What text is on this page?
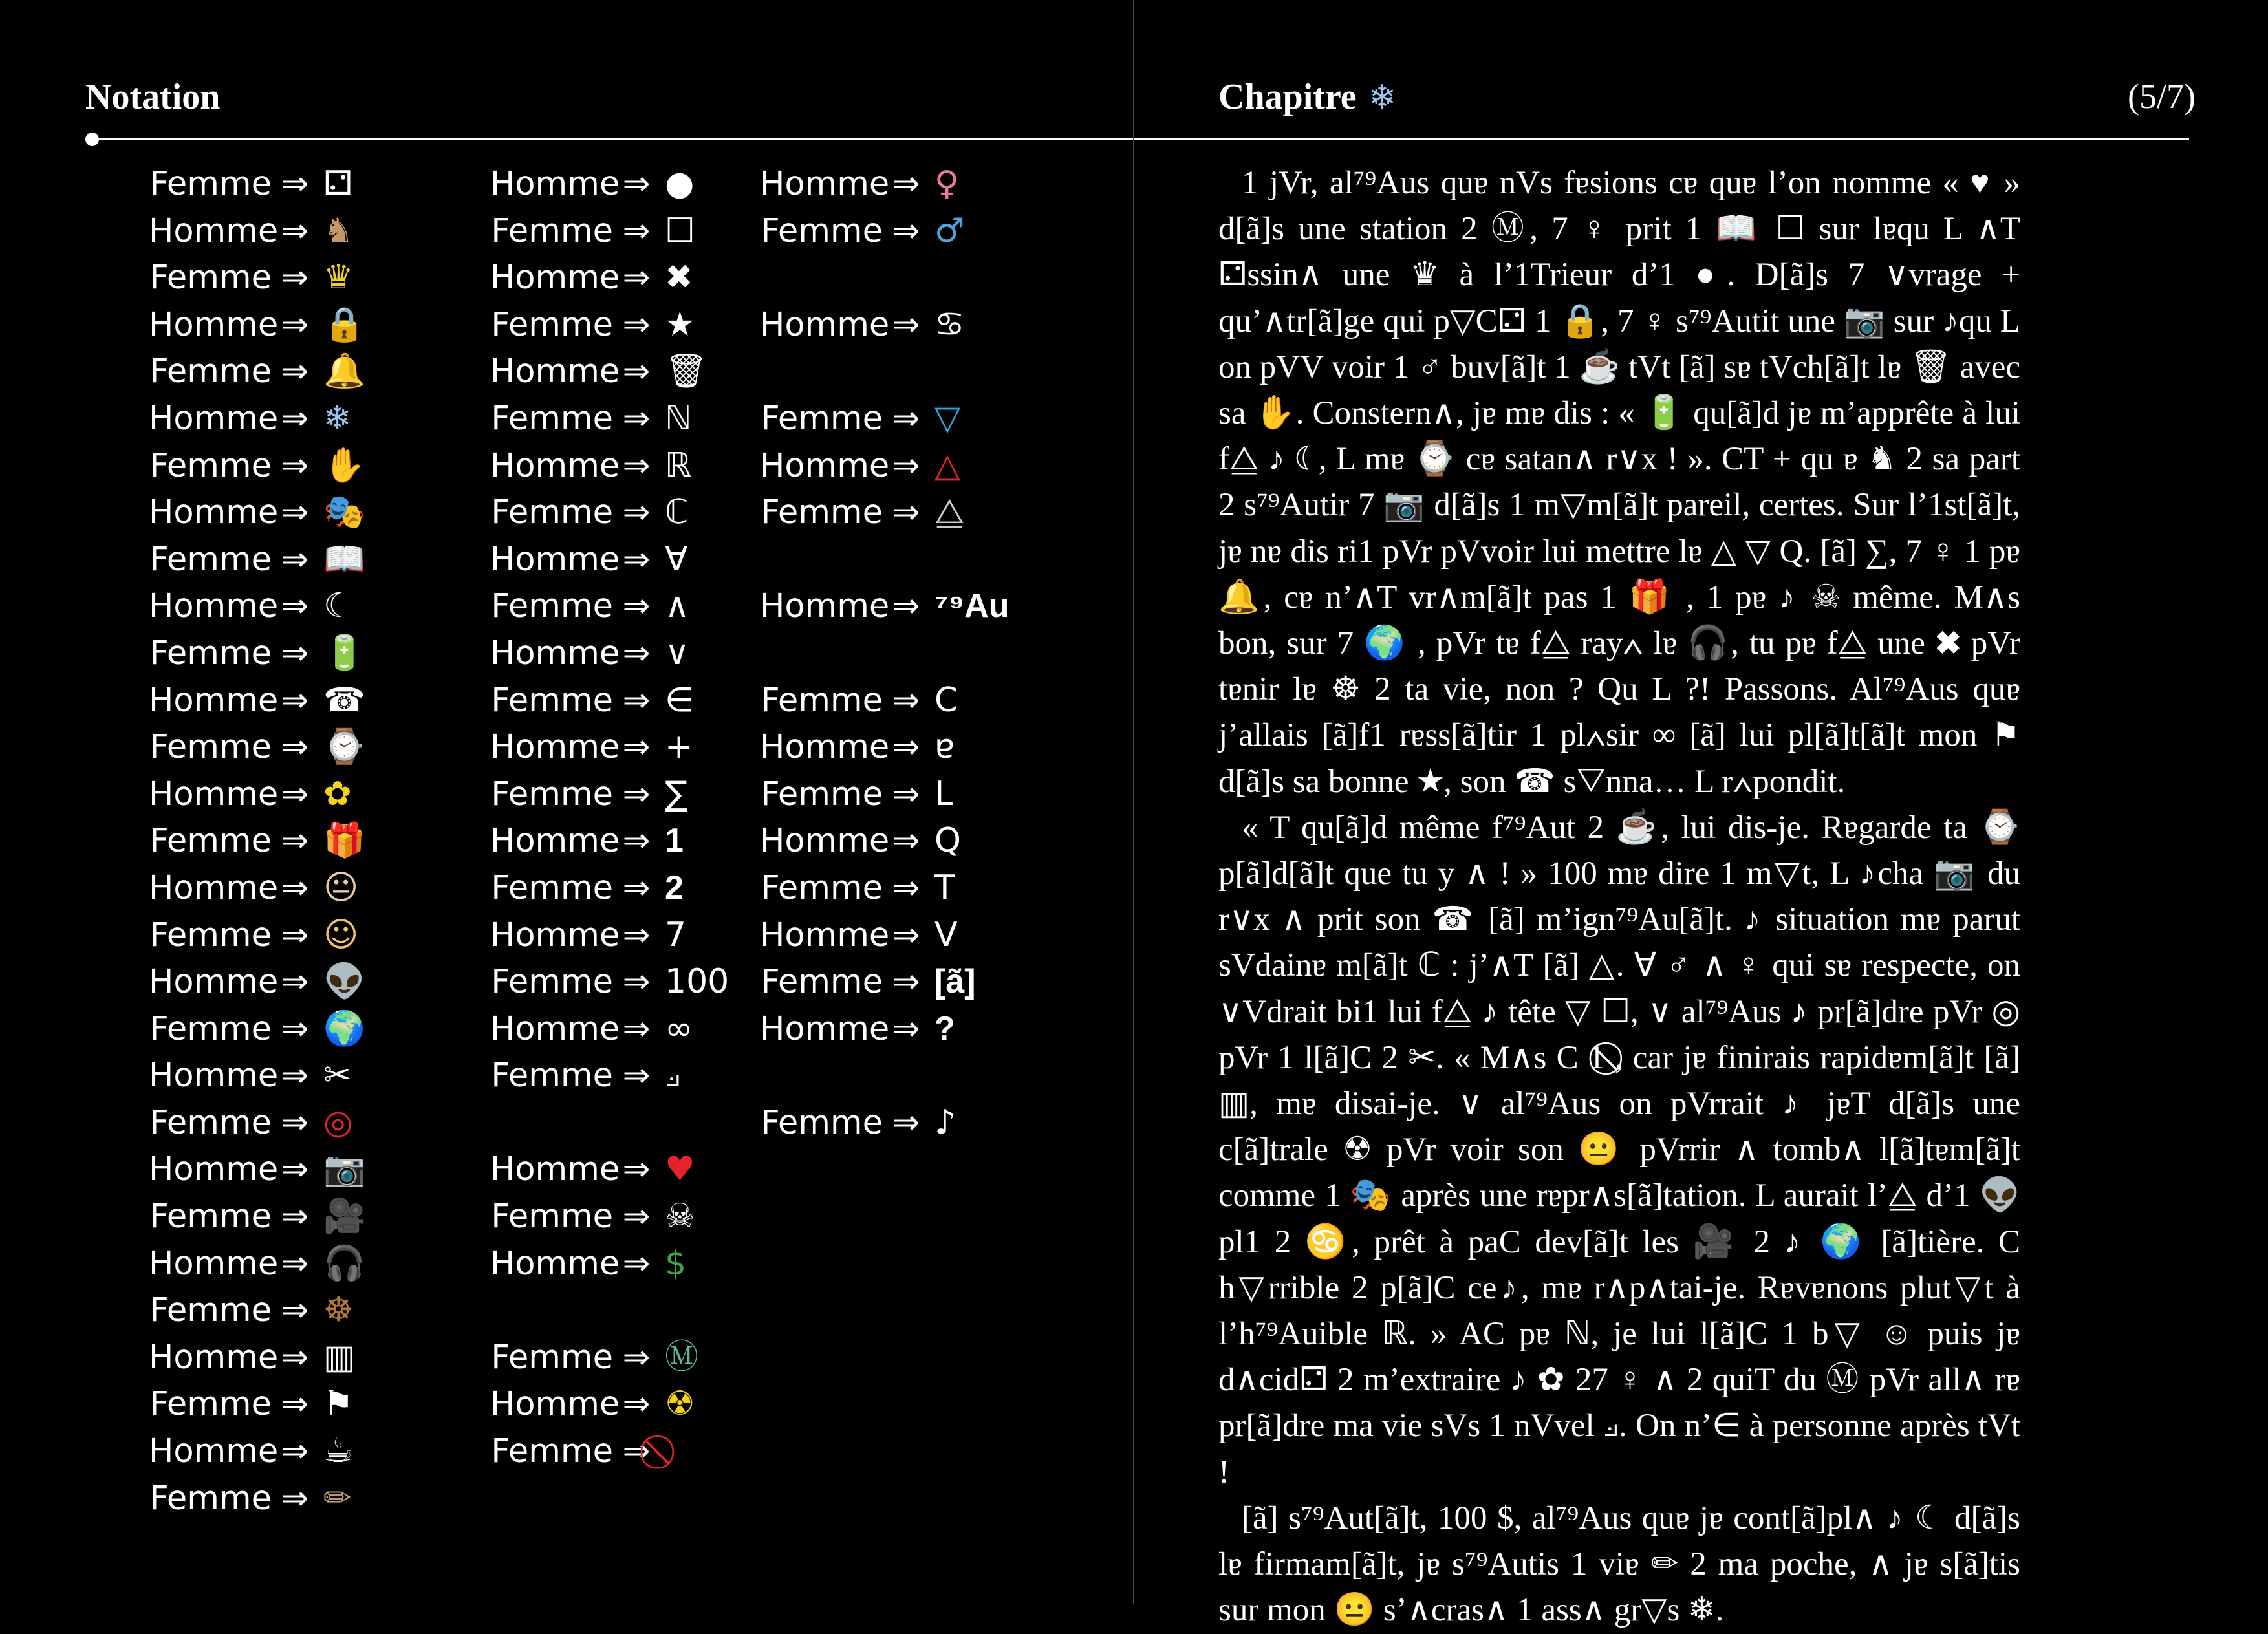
Notation
Femme ⇒ ⚁
Homme⇒ ♞
Femme ⇒ ♛
Homme⇒ 🔒
Femme ⇒ 🔔
Homme⇒ ❄
Femme ⇒ ✋
Homme⇒ 🎭
Femme ⇒ 📖
Homme⇒ ☾
Femme ⇒ 🔋
Homme⇒ ☎
Femme ⇒ ⌚
Homme⇒ ✿
Femme ⇒ 🎁
Homme⇒ 😐
Femme ⇒ ☺
Homme⇒ 👽
Femme ⇒ 🌍
Homme⇒ ✂
Femme ⇒ ◎
Homme⇒ 📷
Femme ⇒ 🎥
Homme⇒ 🎧
Femme ⇒ ☸
Homme⇒ ▥
Femme ⇒ ⚑
Homme⇒ ☕
Femme ⇒ ✏
Homme⇒ ●
Femme ⇒ ☐
Homme⇒ ✖
Femme ⇒ ★
Homme⇒ 🗑
Femme ⇒ ℕ
Homme⇒ ℝ
Femme ⇒ ℂ
Homme⇒ ∀
Femme ⇒ ∧
Homme⇒ ∨
Femme ⇒ ∈
Homme⇒ +
Femme ⇒ ∑
Homme⇒ 1
Femme ⇒ 2
Homme⇒ 7
Femme ⇒ 100
Homme⇒ ∞
Femme ⇒ ⟓
Homme⇒ ♥
Femme ⇒ ☠
Homme⇒ $
Femme ⇒ Ⓜ
Homme⇒ ☢
Femme ⇒
Homme⇒ ♀
Femme ⇒ ♂
Homme⇒ ♋
Femme ⇒ ▽
Homme⇒ △
Femme ⇒ ⧋
Homme⇒ ⁷⁹Au
Femme ⇒ C
Homme⇒ ɐ
Femme ⇒ L
Homme⇒ Q
Femme ⇒ T
Homme⇒ V
Femme ⇒ [ã]
Homme⇒ ?
Femme ⇒ ♪
Chapitre ❄	(5/7)

1 jVr, al⁷⁹Aus quɐ nVs fɐsions cɐ quɐ l’on nomme « ♥ » d[ã]s une station 2 Ⓜ, 7 ♀ prit 1 📖 ☐ sur lɐqu L ∧T ⚁ssin∧ une ♛ à l’1Trieur d’1 ●. D[ã]s 7 ∨vrage + qu’∧tr[ã]ge qui p▽C⚁ 1 🔒, 7 ♀ s⁷⁹Autit une 📷 sur ♪qu L on pVV voir 1 ♂ buv[ã]t 1 ☕ tVt [ã] sɐ tVch[ã]t lɐ 🗑 avec sa ✋. Constern∧, jɐ mɐ dis : « 🔋 qu[ã]d jɐ m’apprête à lui f⧋ ♪ ☾, L mɐ ⌚ cɐ satan∧ r∨x ! ». CT + qu ɐ ♞ 2 sa part 2 s⁷⁹Autir 7 📷 d[ã]s 1 m▽m[ã]t pareil, certes. Sur l’1st[ã]t, jɐ nɐ dis ri1 pVr pVvoir lui mettre lɐ △ ▽ Q. [ã] ∑, 7 ♀ 1 pɐ 🔔, cɐ n’∧T vr∧m[ã]t pas 1 🎁 , 1 pɐ ♪ ☠ même. M∧s bon, sur 7 🌍 , pVr tɐ f⧋ ray∧ lɐ 🎧, tu pɐ f⧋ une ✖ pVr tɐnir lɐ ☸ 2 ta vie, non ? Qu L ?! Passons. Al⁷⁹Aus quɐ j’allais [ã]f1 rɐss[ã]tir 1 pl∧sir ∞ [ã] lui pl[ã]t[ã]t mon ⚑ d[ã]s sa bonne ★, son ☎ s▽nna… L r∧pondit.

« T qu[ã]d même f⁷⁹Aut 2 ☕, lui dis-je. Rɐgarde ta ⌚ p[ã]d[ã]t que tu y ∧ ! » 100 mɐ dire 1 m▽t, L ♪cha 📷 du r∨x ∧ prit son ☎ [ã] m’ign⁷⁹Au[ã]t. ♪ situation mɐ parut sVdainɐ m[ã]t ℂ : j’∧T [ã] △. ∀ ♂ ∧ ♀ qui sɐ respecte, on ∨Vdrait bi1 lui f⧋ ♪ tête ▽ ☐, ∨ al⁷⁹Aus ♪ pr[ã]dre pVr ◎ pVr 1 l[ã]C 2 ✂. « M∧s C 1 ⃠, car jɐ finirais rapidɐm[ã]t [ã] ▥, mɐ disai-je. ∨ al⁷⁹Aus on pVrrait ♪ jɐT d[ã]s une c[ã]trale ☢ pVr voir son 😐 pVrrir ∧ tomb∧ l[ã]tɐm[ã]t comme 1 🎭 après une rɐpr∧s[ã]tation. L aurait l’⧋ d’1 👽 pl1 2 ♋, prêt à paC dev[ã]t les 🎥 2 ♪ 🌍 [ã]tière. C h▽rrible 2 p[ã]C ce♪, mɐ r∧p∧tai-je. Rɐvɐnons plut▽t à l’h⁷⁹Auible ℝ. » AC pɐ ℕ, je lui l[ã]C 1 b▽ ☺ puis jɐ d∧cid⚁ 2 m’extraire ♪ ✿ 27 ♀ ∧ 2 quiT du Ⓜ pVr all∧ rɐ pr[ã]dre ma vie sVs 1 nVvel ⟓. On n’∈ à personne après tVt !

[ã] s⁷⁹Aut[ã]t, 100 $, al⁷⁹Aus quɐ jɐ cont[ã]pl∧ ♪ ☾ d[ã]s lɐ firmam[ã]t, jɐ s⁷⁹Autis 1 viɐ ✏ 2 ma poche, ∧ jɐ s[ã]tis sur mon 😐 s’∧cras∧ 1 ass∧ gr▽s ❄.
